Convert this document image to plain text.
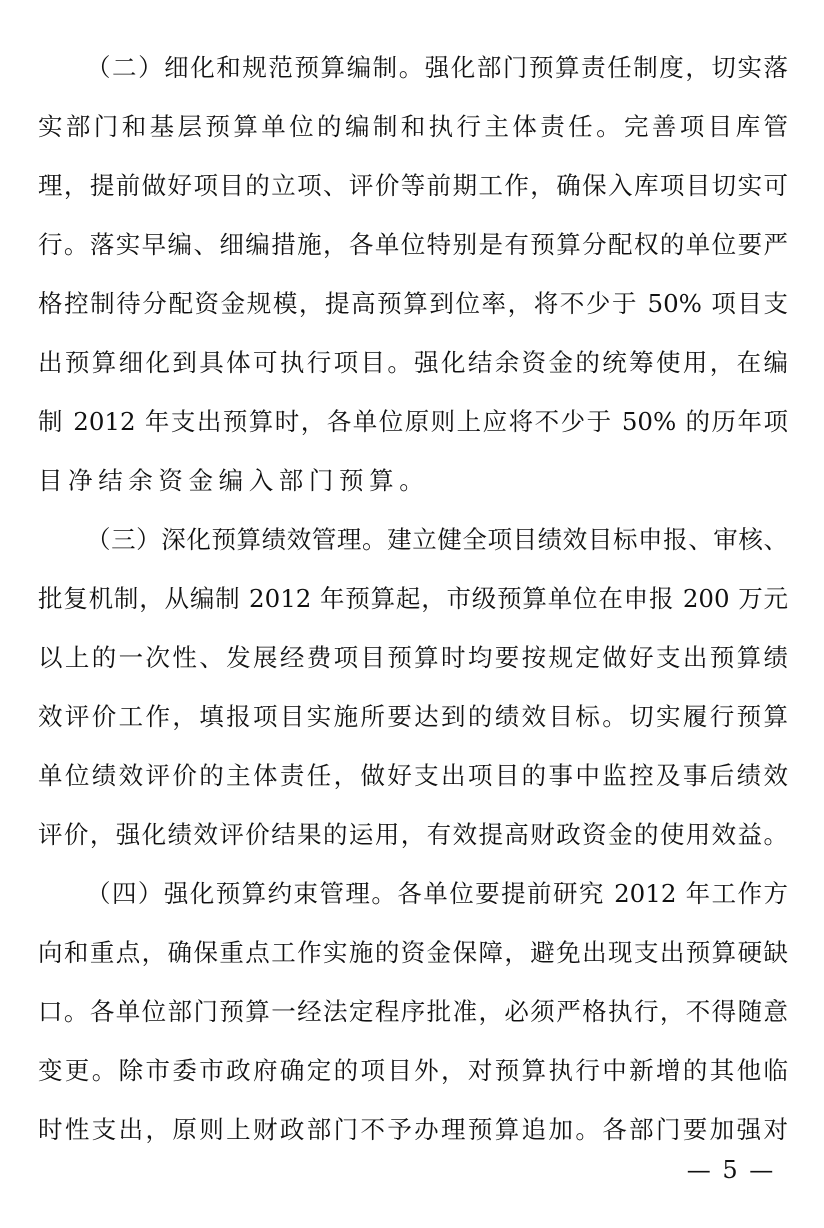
（二）细化和规范预算编制。强化部门预算责任制度，切实落
实部门和基层预算单位的编制和执行主体责任。完善项目库管
理，提前做好项目的立项、评价等前期工作，确保入库项目切实可
行。落实早编、细编措施，各单位特别是有预算分配权的单位要严
格控制待分配资金规模，提高预算到位率，将不少于 50% 项目支
出预算细化到具体可执行项目。强化结余资金的统筹使用，在编
制 2012 年支出预算时，各单位原则上应将不少于 50% 的历年项
目净结余资金编入部门预算。
（三）深化预算绩效管理。建立健全项目绩效目标申报、审核、
批复机制，从编制 2012 年预算起，市级预算单位在申报 200 万元
以上的一次性、发展经费项目预算时均要按规定做好支出预算绩
效评价工作，填报项目实施所要达到的绩效目标。切实履行预算
单位绩效评价的主体责任，做好支出项目的事中监控及事后绩效
评价，强化绩效评价结果的运用，有效提高财政资金的使用效益。
（四）强化预算约束管理。各单位要提前研究 2012 年工作方
向和重点，确保重点工作实施的资金保障，避免出现支出预算硬缺
口。各单位部门预算一经法定程序批准，必须严格执行，不得随意
变更。除市委市政府确定的项目外，对预算执行中新增的其他临
时性支出，原则上财政部门不予办理预算追加。各部门要加强对
— 5 —
